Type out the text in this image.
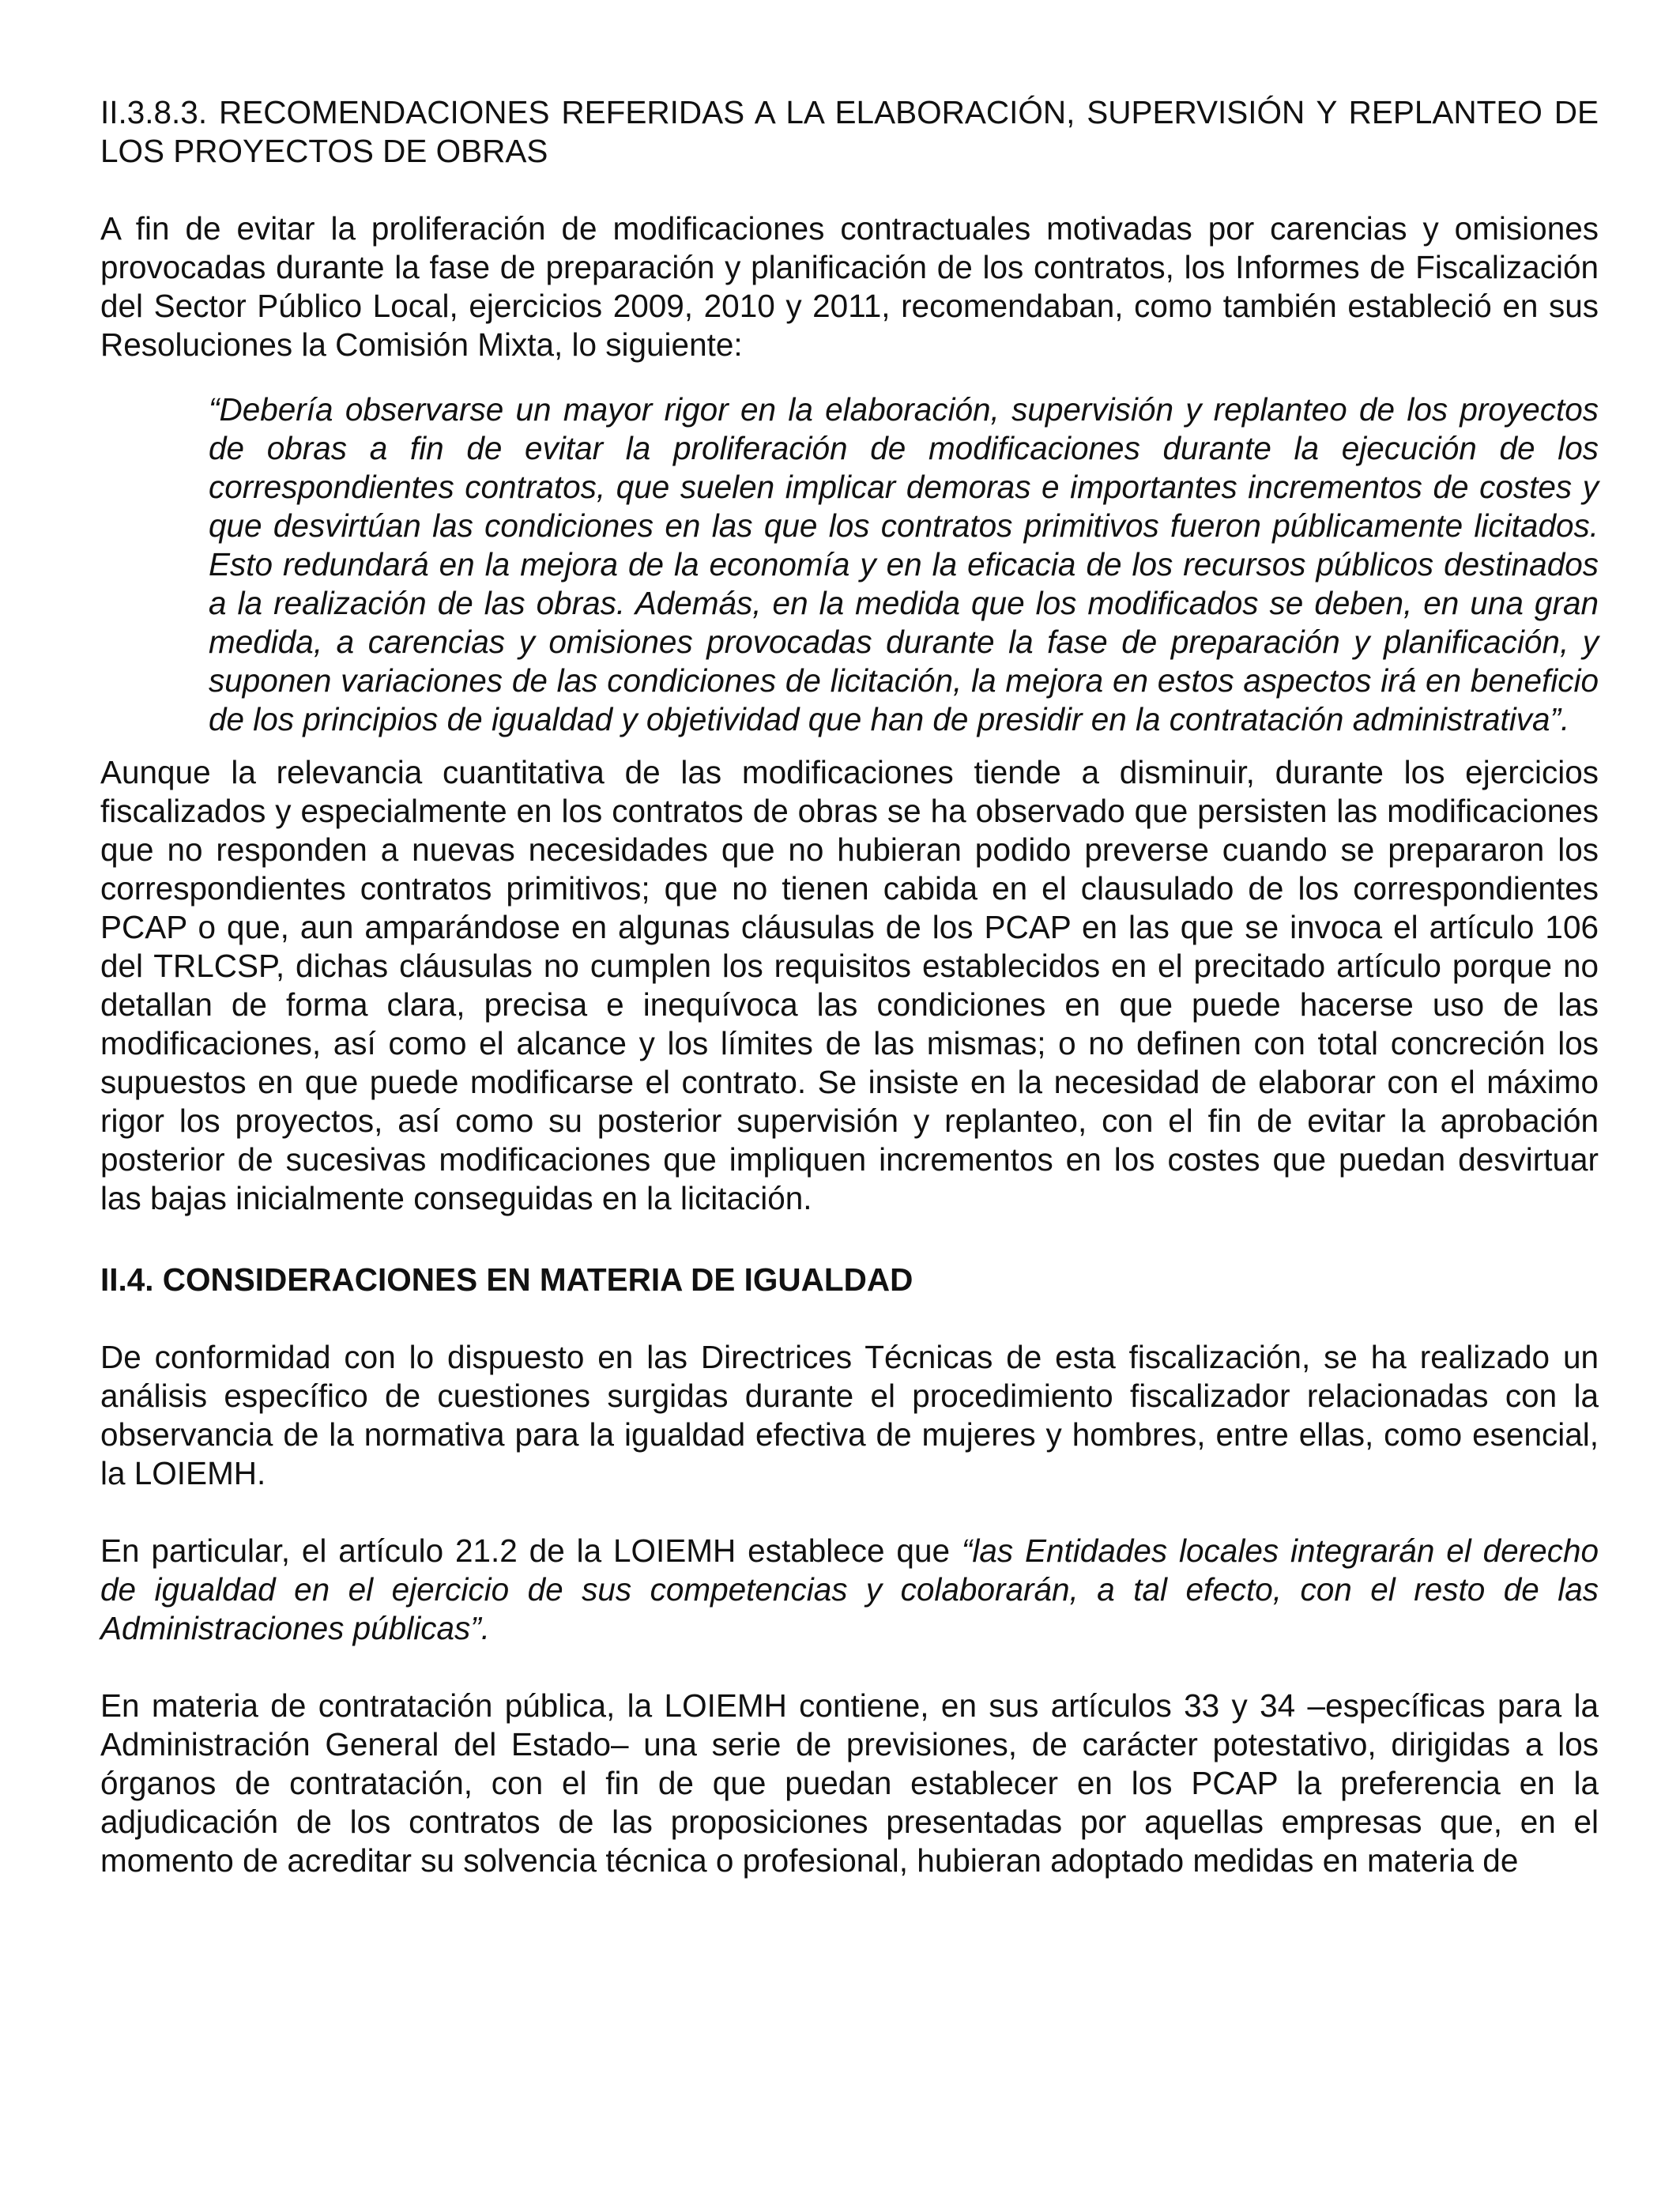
II.3.8.3. RECOMENDACIONES REFERIDAS A LA ELABORACIÓN, SUPERVISIÓN Y REPLANTEO DE LOS PROYECTOS DE OBRAS

A fin de evitar la proliferación de modificaciones contractuales motivadas por carencias y omisiones provocadas durante la fase de preparación y planificación de los contratos, los Informes de Fiscalización del Sector Público Local, ejercicios 2009, 2010 y 2011, recomendaban, como también estableció en sus Resoluciones la Comisión Mixta, lo siguiente:

“Debería observarse un mayor rigor en la elaboración, supervisión y replanteo de los proyectos de obras a fin de evitar la proliferación de modificaciones durante la ejecución de los correspondientes contratos, que suelen implicar demoras e importantes incrementos de costes y que desvirtúan las condiciones en las que los contratos primitivos fueron públicamente licitados. Esto redundará en la mejora de la economía y en la eficacia de los recursos públicos destinados a la realización de las obras. Además, en la medida que los modificados se deben, en una gran medida, a carencias y omisiones provocadas durante la fase de preparación y planificación, y suponen variaciones de las condiciones de licitación, la mejora en estos aspectos irá en beneficio de los principios de igualdad y objetividad que han de presidir en la contratación administrativa”.

Aunque la relevancia cuantitativa de las modificaciones tiende a disminuir, durante los ejercicios fiscalizados y especialmente en los contratos de obras se ha observado que persisten las modificaciones que no responden a nuevas necesidades que no hubieran podido preverse cuando se prepararon los correspondientes contratos primitivos; que no tienen cabida en el clausulado de los correspondientes PCAP o que, aun amparándose en algunas cláusulas de los PCAP en las que se invoca el artículo 106 del TRLCSP, dichas cláusulas no cumplen los requisitos establecidos en el precitado artículo porque no detallan de forma clara, precisa e inequívoca las condiciones en que puede hacerse uso de las modificaciones, así como el alcance y los límites de las mismas; o no definen con total concreción los supuestos en que puede modificarse el contrato. Se insiste en la necesidad de elaborar con el máximo rigor los proyectos, así como su posterior supervisión y replanteo, con el fin de evitar la aprobación posterior de sucesivas modificaciones que impliquen incrementos en los costes que puedan desvirtuar las bajas inicialmente conseguidas en la licitación.

II.4. CONSIDERACIONES EN MATERIA DE IGUALDAD

De conformidad con lo dispuesto en las Directrices Técnicas de esta fiscalización, se ha realizado un análisis específico de cuestiones surgidas durante el procedimiento fiscalizador relacionadas con la observancia de la normativa para la igualdad efectiva de mujeres y hombres, entre ellas, como esencial, la LOIEMH.

En particular, el artículo 21.2 de la LOIEMH establece que “las Entidades locales integrarán el derecho de igualdad en el ejercicio de sus competencias y colaborarán, a tal efecto, con el resto de las Administraciones públicas”.

En materia de contratación pública, la LOIEMH contiene, en sus artículos 33 y 34 –específicas para la Administración General del Estado– una serie de previsiones, de carácter potestativo, dirigidas a los órganos de contratación, con el fin de que puedan establecer en los PCAP la preferencia en la adjudicación de los contratos de las proposiciones presentadas por aquellas empresas que, en el momento de acreditar su solvencia técnica o profesional, hubieran adoptado medidas en materia de
